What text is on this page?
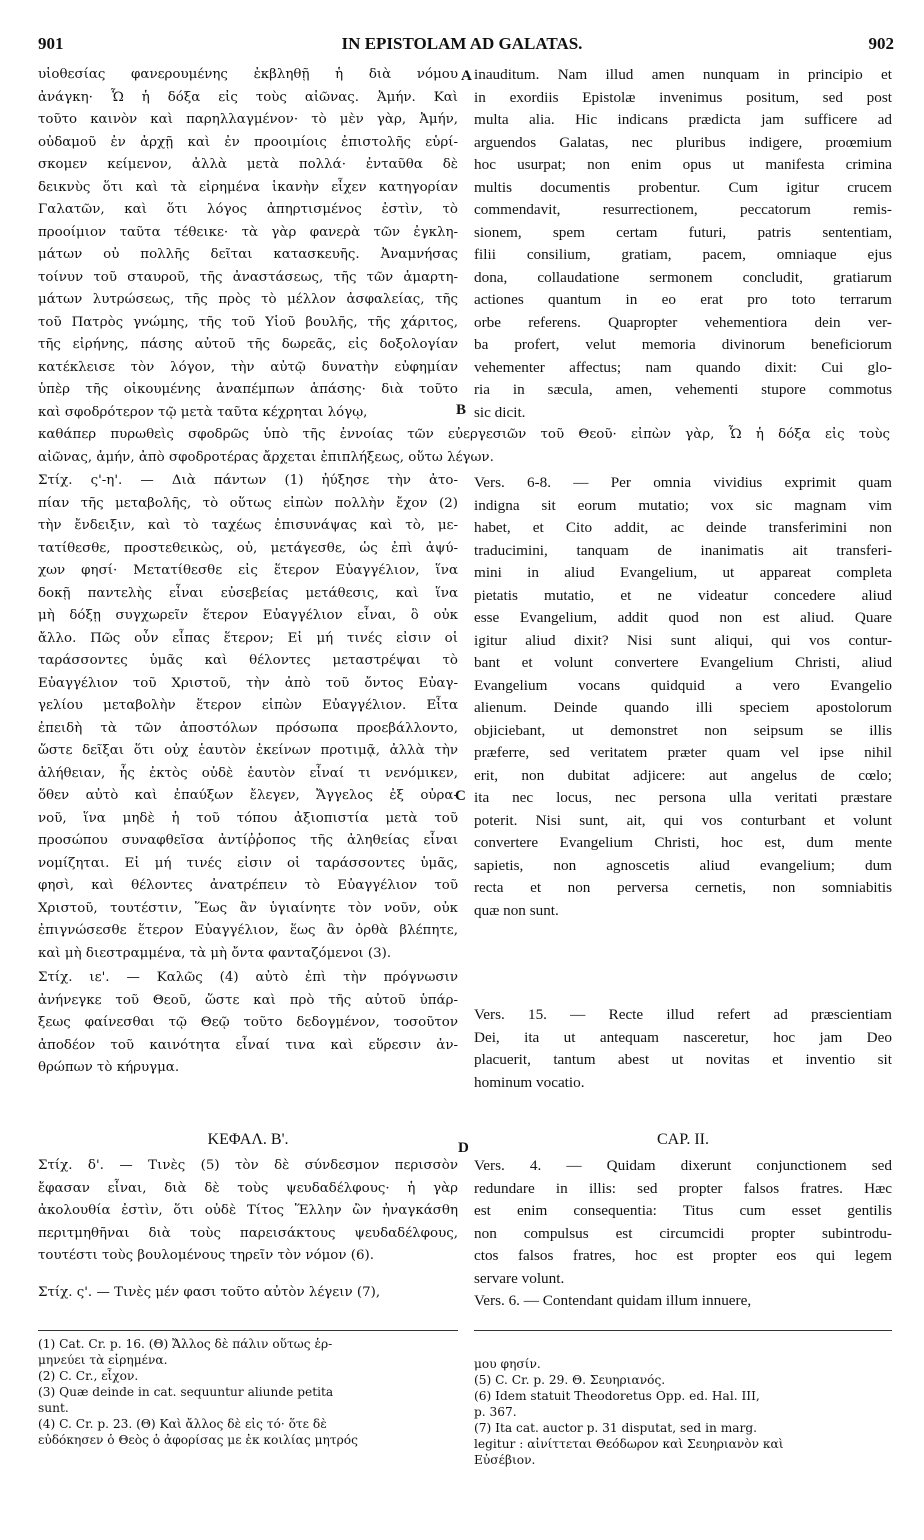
901	IN EPISTOLAM AD GALATAS.	902
υἱοθεσίας φανερουμένης ἐκβληθῇ ἡ διὰ νόμου
ἀνάγκη· Ὧ ἡ δόξα εἰς τοὺς αἰῶνας. Ἀμήν. Καὶ
τοῦτο καινὸν καὶ παρηλλαγμένον· τὸ μὲν γὰρ, Ἀμήν,
οὐδαμοῦ ἐν ἀρχῇ καὶ ἐν προοιμίοις ἐπιστολῆς εὑρί-
σκομεν κείμενον, ἀλλὰ μετὰ πολλά· ἐνταῦθα δὲ
δεικνὺς ὅτι καὶ τὰ εἰρημένα ἱκανὴν εἶχεν κατηγορίαν
Γαλατῶν, καὶ ὅτι λόγος ἀπηρτισμένος ἐστὶν, τὸ
προοίμιον ταῦτα τέθεικε· τὰ γὰρ φανερὰ τῶν ἐγκλη-
μάτων οὐ πολλῆς δεῖται κατασκευῆς. Ἀναμνήσας
τοίνυν τοῦ σταυροῦ, τῆς ἀναστάσεως, τῆς τῶν ἁμαρτη-
μάτων λυτρώσεως, τῆς πρὸς τὸ μέλλον ἀσφαλείας, τῆς
τοῦ Πατρὸς γνώμης, τῆς τοῦ Υἱοῦ βουλῆς, τῆς χάριτος,
τῆς εἰρήνης, πάσης αὐτοῦ τῆς δωρεᾶς, εἰς δοξολογίαν
κατέκλεισε τὸν λόγον, τὴν αὐτῷ δυνατὴν εὐφημίαν
ὑπὲρ τῆς οἰκουμένης ἀναπέμπων ἁπάσης· διὰ τοῦτο
καὶ σφοδρότερον τῷ μετὰ ταῦτα κέχρηται λόγῳ,
inauditum. Nam illud amen nunquam in principio et
in exordiis Epistolæ invenimus positum, sed post
multa alia. Hic indicans prædicta jam sufficere ad
arguendos Galatas, nec pluribus indigere, proœmium
hoc usurpat; non enim opus ut manifesta crimina
multis documentis probentur. Cum igitur crucem
commendavit, resurrectionem, peccatorum remis-
sionem, spem certam futuri, patris sententiam,
filii consilium, gratiam, pacem, omniaque ejus
dona, collaudatione sermonem concludit, gratiarum
actiones quantum in eo erat pro toto terrarum
orbe referens. Quapropter vehementiora dein ver-
ba profert, velut memoria divinorum beneficiorum
vehementer affectus; nam quando dixit: Cui glo-
ria in sæcula, amen, vehementi stupore commotus
sic dicit.
A
B
C
D
καθάπερ πυρωθεὶς σφοδρῶς ὑπὸ τῆς ἐννοίας τῶν εὐεργεσιῶν τοῦ Θεοῦ· εἰπὼν γὰρ, Ὧ ἡ δόξα εἰς τοὺς
αἰῶνας, ἀμήν, ἀπὸ σφοδροτέρας ἄρχεται ἐπιπλήξεως, οὕτω λέγων.
Στίχ. ς'-η'. — Διὰ πάντων (1) ἠύξησε τὴν ἀτο-
πίαν τῆς μεταβολῆς, τὸ οὕτως εἰπὼν πολλὴν ἔχον (2)
τὴν ἔνδειξιν, καὶ τὸ ταχέως ἐπισυνάψας καὶ τὸ, με-
τατίθεσθε, προστεθεικὼς, οὐ, μετάγεσθε, ὡς ἐπὶ ἀψύ-
χων φησί· Μετατίθεσθε εἰς ἕτερον Εὐαγγέλιον, ἵνα
δοκῇ παντελὴς εἶναι εὐσεβείας μετάθεσις, καὶ ἵνα
μὴ δόξῃ συγχωρεῖν ἕτερον Εὐαγγέλιον εἶναι, ὃ οὐκ
ἄλλο. Πῶς οὖν εἶπας ἕτερον; Εἰ μή τινές εἰσιν οἱ
ταράσσοντες ὑμᾶς καὶ θέλοντες μεταστρέψαι τὸ
Εὐαγγέλιον τοῦ Χριστοῦ, τὴν ἀπὸ τοῦ ὄντος Εὐαγ-
γελίου μεταβολὴν ἕτερον εἰπὼν Εὐαγγέλιον. Εἶτα
ἐπειδὴ τὰ τῶν ἀποστόλων πρόσωπα προεβάλλοντο,
ὥστε δεῖξαι ὅτι οὐχ ἑαυτὸν ἐκείνων προτιμᾷ, ἀλλὰ τὴν
ἀλήθειαν, ἧς ἐκτὸς οὐδὲ ἑαυτὸν εἶναί τι νενόμικεν,
ὅθεν αὐτὸ καὶ ἐπαύξων ἔλεγεν, Ἄγγελος ἐξ οὐρα-
νοῦ, ἵνα μηδὲ ἡ τοῦ τόπου ἀξιοπιστία μετὰ τοῦ
προσώπου συναφθεῖσα ἀντίῤῥοπος τῆς ἀληθείας εἶναι
νομίζηται. Εἰ μή τινές εἰσιν οἱ ταράσσοντες ὑμᾶς,
φησὶ, καὶ θέλοντες ἀνατρέπειν τὸ Εὐαγγέλιον τοῦ
Χριστοῦ, τουτέστιν, Ἕως ἂν ὑγιαίνητε τὸν νοῦν, οὐκ
ἐπιγνώσεσθε ἕτερον Εὐαγγέλιον, ἕως ἂν ὀρθὰ βλέπητε,
καὶ μὴ διεστραμμένα, τὰ μὴ ὄντα φανταζόμενοι (3).
Στίχ. ιε'. — Καλῶς (4) αὐτὸ ἐπὶ τὴν πρόγνωσιν
ἀνήνεγκε τοῦ Θεοῦ, ὥστε καὶ πρὸ τῆς αὐτοῦ ὑπάρ-
ξεως φαίνεσθαι τῷ Θεῷ τοῦτο δεδογμένον, τοσοῦτον
ἀποδέον τοῦ καινότητα εἶναί τινα καὶ εὕρεσιν ἀν-
θρώπων τὸ κήρυγμα.
Vers. 6-8. — Per omnia vividius exprimit quam
indigna sit eorum mutatio; vox sic magnam vim
habet, et Cito addit, ac deinde transferimini non
traducimini, tanquam de inanimatis ait transferi-
mini in aliud Evangelium, ut appareat completa
pietatis mutatio, et ne videatur concedere aliud
esse Evangelium, addit quod non est aliud. Quare
igitur aliud dixit? Nisi sunt aliqui, qui vos contur-
bant et volunt convertere Evangelium Christi, aliud
Evangelium vocans quidquid a vero Evangelio
alienum. Deinde quando illi speciem apostolorum
objiciebant, ut demonstret non seipsum se illis
præferre, sed veritatem præter quam vel ipse nihil
erit, non dubitat adjicere: aut angelus de cœlo;
ita nec locus, nec persona ulla veritati præstare
poterit. Nisi sunt, ait, qui vos conturbant et volunt
convertere Evangelium Christi, hoc est, dum mente
sapietis, non agnoscetis aliud evangelium; dum
recta et non perversa cernetis, non somniabitis
quæ non sunt.
Vers. 15. — Recte illud refert ad præscientiam
Dei, ita ut antequam nasceretur, hoc jam Deo
placuerit, tantum abest ut novitas et inventio sit
hominum vocatio.
ΚΕΦΑΛ. Β'.	CAP. II.
Στίχ. δ'. — Τινὲς (5) τὸν δὲ σύνδεσμον περισσὸν
ἔφασαν εἶναι, διὰ δὲ τοὺς ψευδαδέλφους· ἡ γὰρ
ἀκολουθία ἐστὶν, ὅτι οὐδὲ Τίτος Ἕλλην ὢν ἠναγκάσθη
περιτμηθῆναι διὰ τοὺς παρεισάκτους ψευδαδέλφους,
τουτέστι τοὺς βουλομένους τηρεῖν τὸν νόμον (6).
Στίχ. ς'. — Τινὲς μέν φασι τοῦτο αὐτὸν λέγειν (7),
Vers. 4. — Quidam dixerunt conjunctionem sed
redundare in illis: sed propter falsos fratres. Hæc
est enim consequentia: Titus cum esset gentilis
non compulsus est circumcidi propter subintrodu-
ctos falsos fratres, hoc est propter eos qui legem
servare volunt.
Vers. 6. — Contendant quidam illum innuere,
(1) Cat. Cr. p. 16. (Θ) Ἄλλος δὲ πάλιν οὕτως ἑρ-
μηνεύει τὰ εἰρημένα.
(2) C. Cr., εἶχον.
(3) Quæ deinde in cat. sequuntur aliunde petita
sunt.
(4) C. Cr. p. 23. (Θ) Καὶ ἄλλος δὲ εἰς τό· ὅτε δὲ
εὐδόκησεν ὁ Θεὸς ὁ ἀφορίσας με ἐκ κοιλίας μητρός
μου φησίν.
(5) C. Cr. p. 29. Θ. Σευηριανός.
(6) Idem statuit Theodoretus Opp. ed. Hal. III,
p. 367.
(7) Ita cat. auctor p. 31 disputat, sed in marg.
legitur : αἰνίττεται Θεόδωρον καὶ Σευηριανὸν καὶ
Εὐσέβιον.
